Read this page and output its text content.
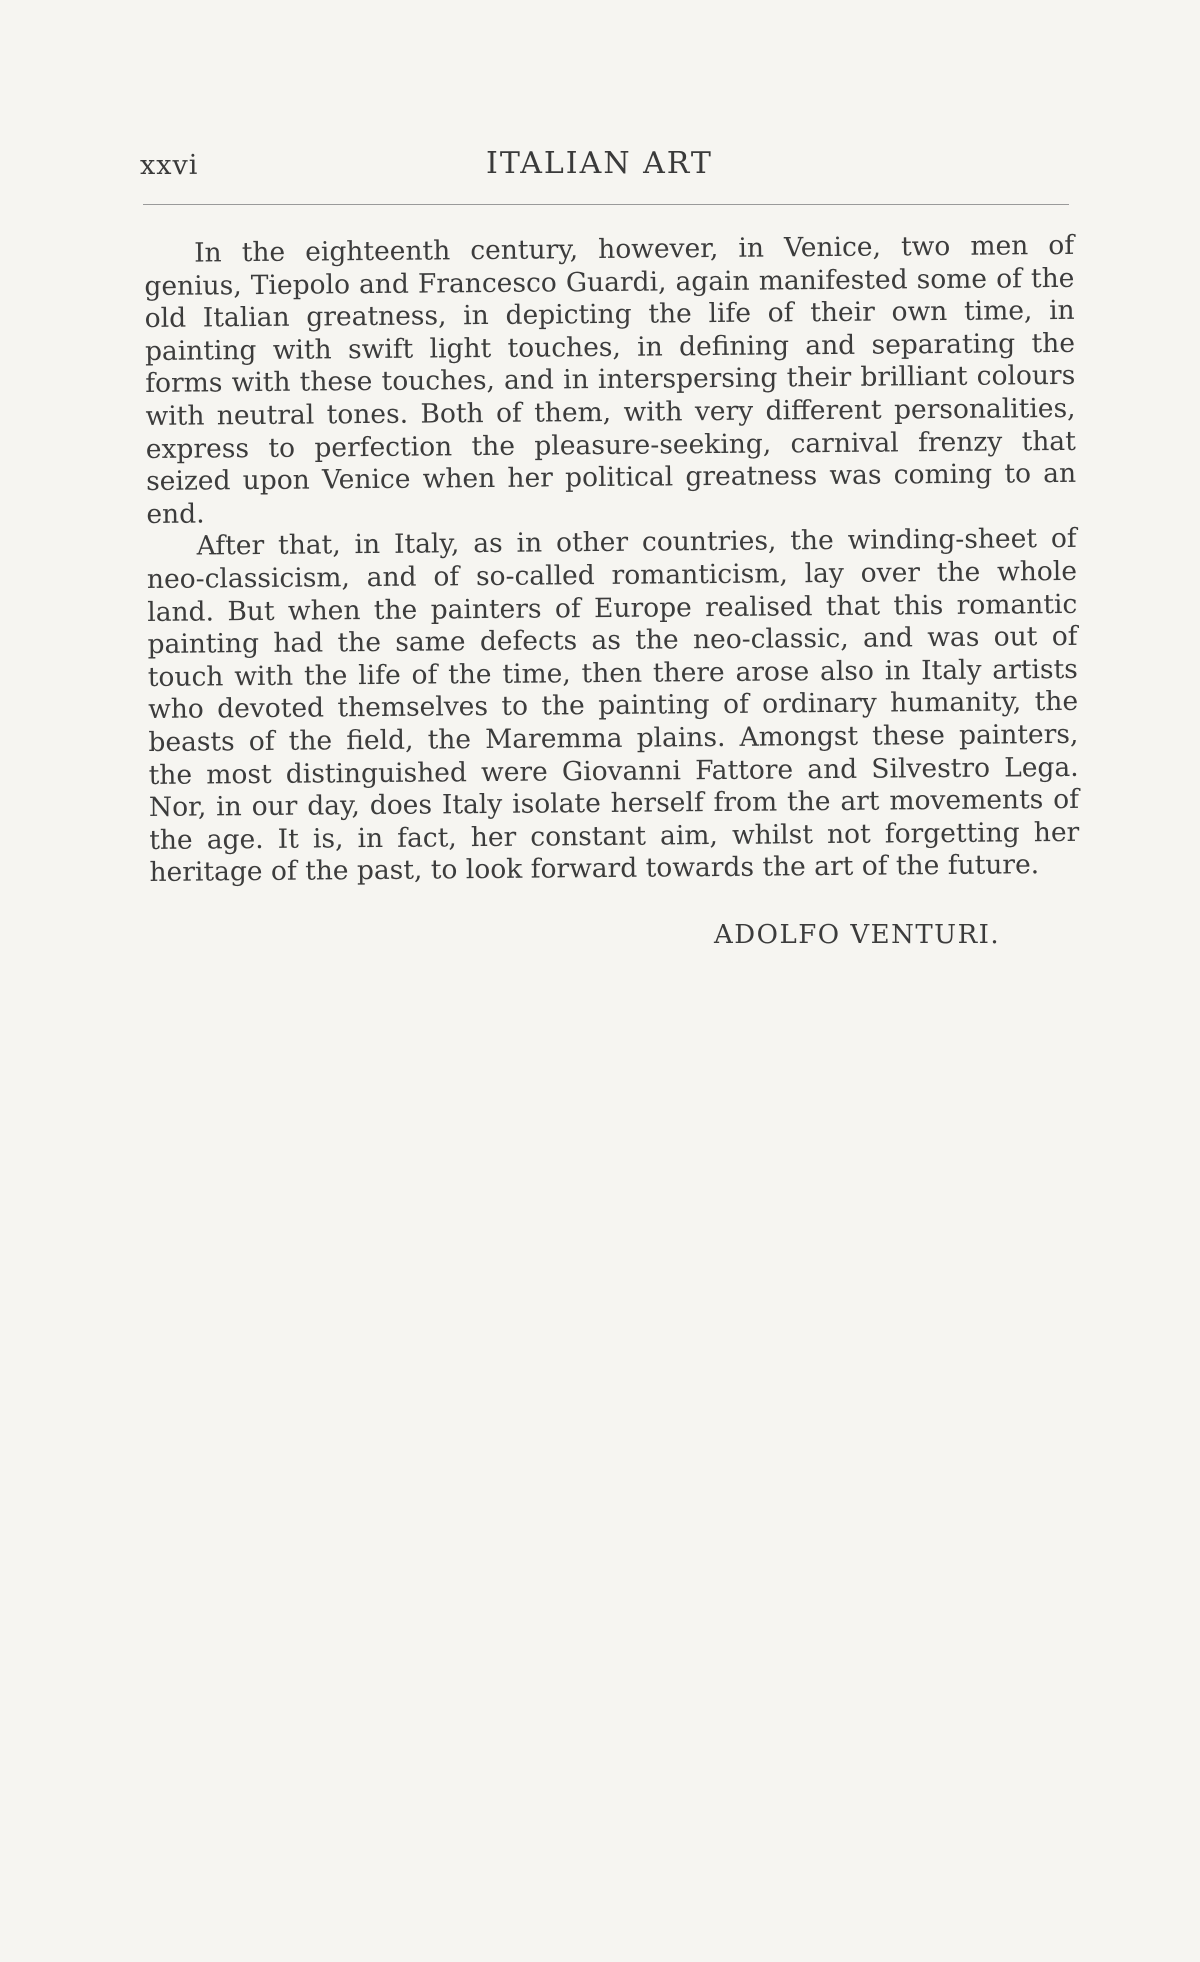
xxvi	ITALIAN ART

In the eighteenth century, however, in Venice, two men of genius, Tiepolo and Francesco Guardi, again manifested some of the old Italian greatness, in depicting the life of their own time, in painting with swift light touches, in defining and separating the forms with these touches, and in interspersing their brilliant colours with neutral tones. Both of them, with very different personalities, express to perfection the pleasure-seeking, carnival frenzy that seized upon Venice when her political greatness was coming to an end.

After that, in Italy, as in other countries, the winding-sheet of neo-classicism, and of so-called romanticism, lay over the whole land. But when the painters of Europe realised that this romantic painting had the same defects as the neo-classic, and was out of touch with the life of the time, then there arose also in Italy artists who devoted themselves to the painting of ordinary humanity, the beasts of the field, the Maremma plains. Amongst these painters, the most distinguished were Giovanni Fattore and Silvestro Lega. Nor, in our day, does Italy isolate herself from the art movements of the age. It is, in fact, her constant aim, whilst not forgetting her heritage of the past, to look forward towards the art of the future.

ADOLFO VENTURI.
